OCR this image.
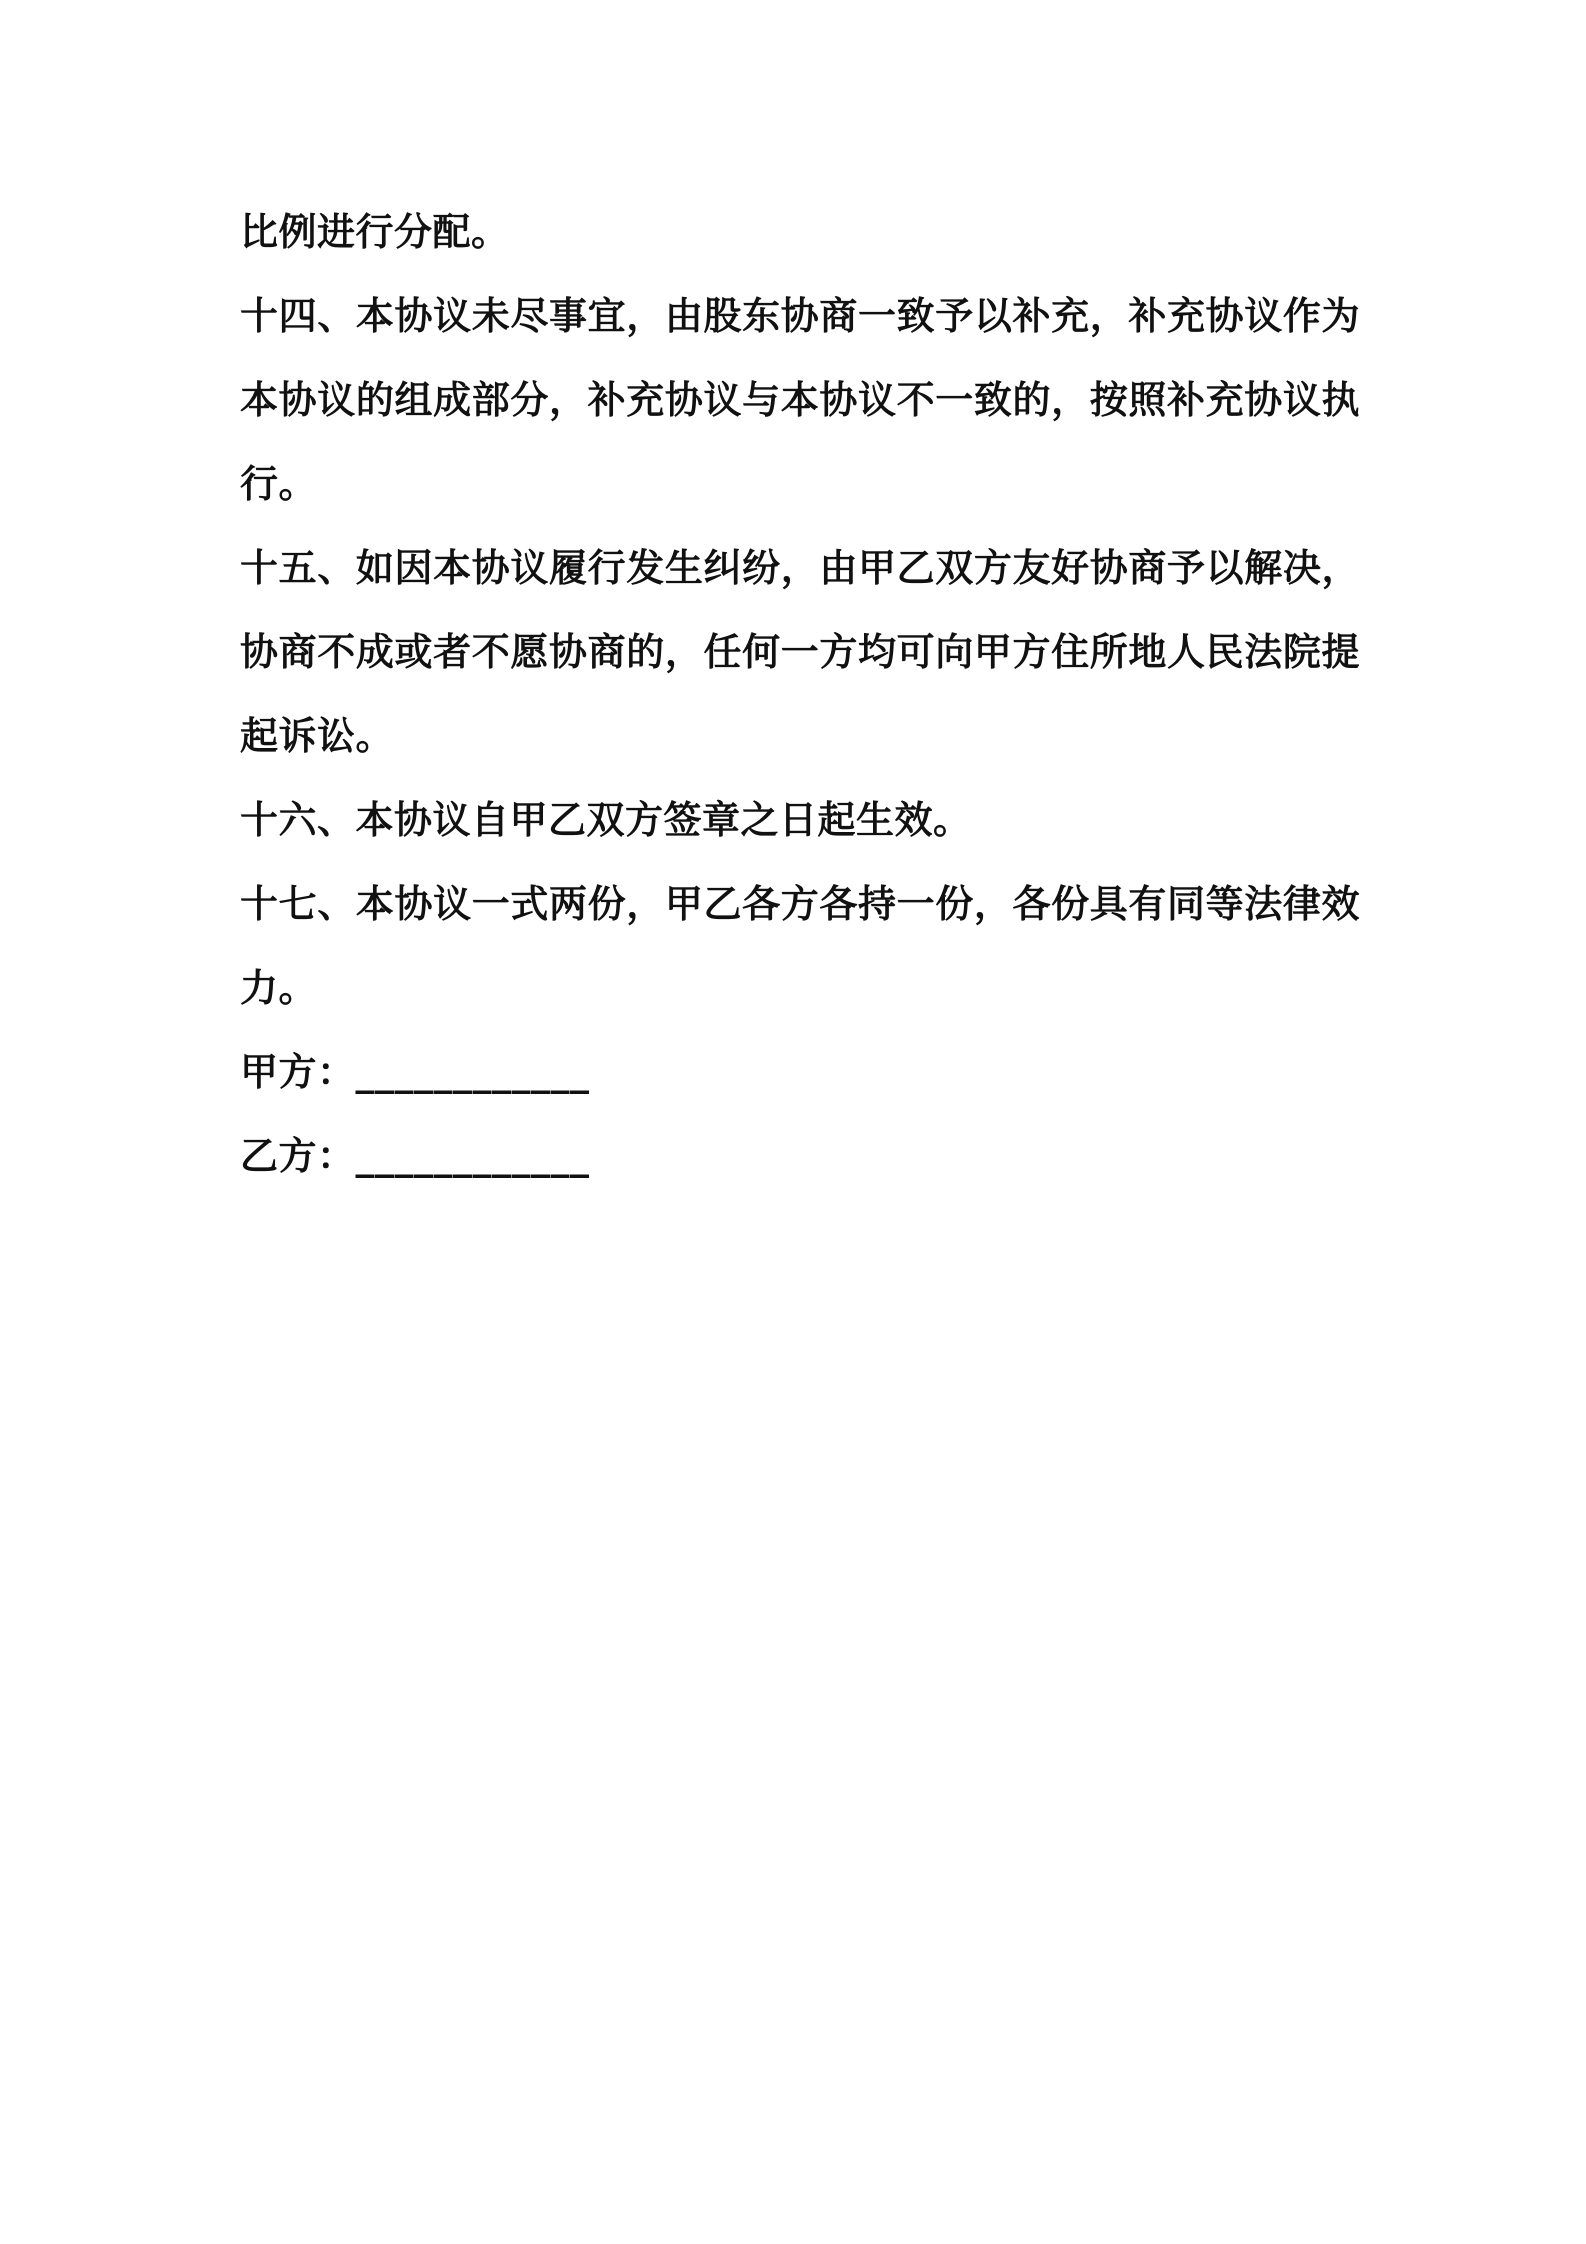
比例进行分配。

十四、本协议未尽事宜，由股东协商一致予以补充，补充协议作为本协议的组成部分，补充协议与本协议不一致的，按照补充协议执行。

十五、如因本协议履行发生纠纷，由甲乙双方友好协商予以解决，协商不成或者不愿协商的，任何一方均可向甲方住所地人民法院提起诉讼。

十六、本协议自甲乙双方签章之日起生效。

十七、本协议一式两份，甲乙各方各持一份，各份具有同等法律效力。

甲方：____________

乙方：____________
